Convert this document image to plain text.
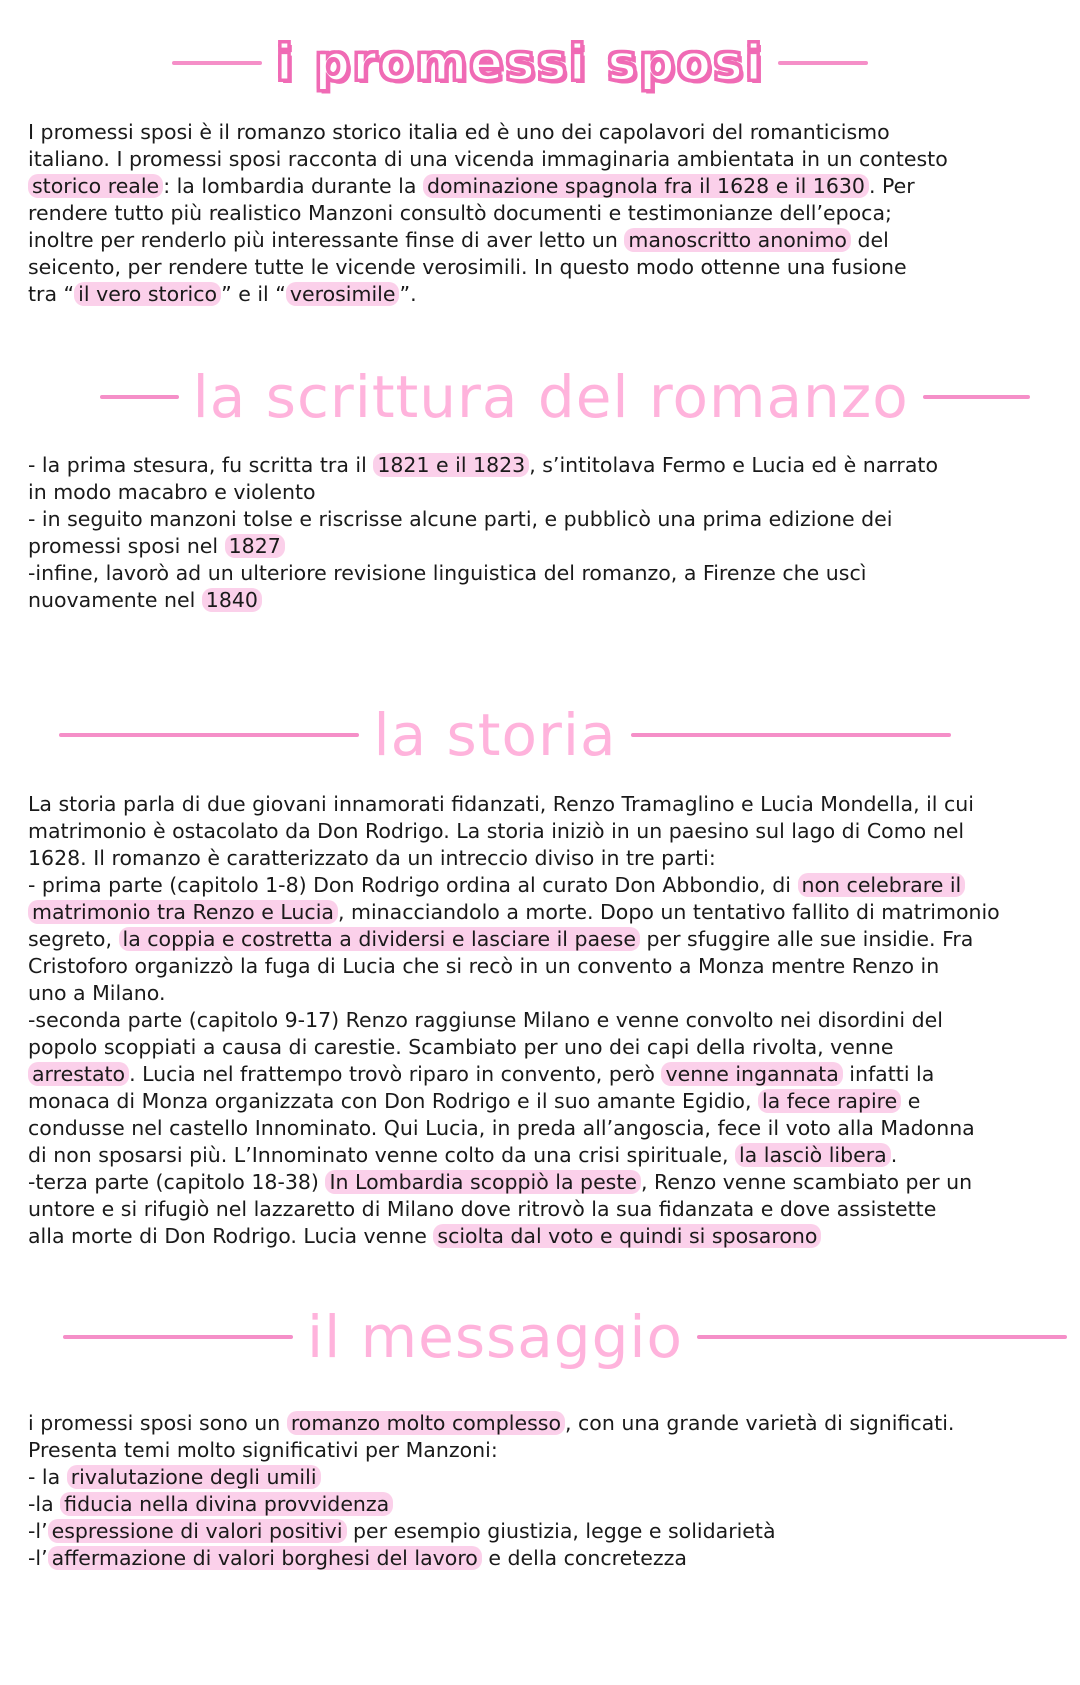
i promessi sposi
I promessi sposi è il romanzo storico italia ed è uno dei capolavori del romanticismo
italiano. I promessi sposi racconta di una vicenda immaginaria ambientata in un contesto
storico reale : la lombardia durante la dominazione spagnola fra il 1628 e il 1630 . Per
rendere tutto più realistico Manzoni consultò documenti e testimonianze dell’epoca;
inoltre per renderlo più interessante finse di aver letto un manoscritto anonimo del
seicento, per rendere tutte le vicende verosimili. In questo modo ottenne una fusione
tra “ il vero storico ” e il “ verosimile ”.
la scrittura del romanzo
- la prima stesura, fu scritta tra il 1821 e il 1823 , s’intitolava Fermo e Lucia ed è narrato
in modo macabro e violento
- in seguito manzoni tolse e riscrisse alcune parti, e pubblicò una prima edizione dei
promessi sposi nel 1827
-infine, lavorò ad un ulteriore revisione linguistica del romanzo, a Firenze che uscì
nuovamente nel 1840
la storia
La storia parla di due giovani innamorati fidanzati, Renzo Tramaglino e Lucia Mondella, il cui
matrimonio è ostacolato da Don Rodrigo. La storia iniziò in un paesino sul lago di Como nel
1628. Il romanzo è caratterizzato da un intreccio diviso in tre parti:
- prima parte (capitolo 1-8) Don Rodrigo ordina al curato Don Abbondio, di non celebrare il
matrimonio tra Renzo e Lucia , minacciandolo a morte. Dopo un tentativo fallito di matrimonio
segreto, la coppia e costretta a dividersi e lasciare il paese per sfuggire alle sue insidie. Fra
Cristoforo organizzò la fuga di Lucia che si recò in un convento a Monza mentre Renzo in
uno a Milano.
-seconda parte (capitolo 9-17) Renzo raggiunse Milano e venne convolto nei disordini del
popolo scoppiati a causa di carestie. Scambiato per uno dei capi della rivolta, venne
arrestato . Lucia nel frattempo trovò riparo in convento, però venne ingannata infatti la
monaca di Monza organizzata con Don Rodrigo e il suo amante Egidio, la fece rapire e
condusse nel castello Innominato. Qui Lucia, in preda all’angoscia, fece il voto alla Madonna
di non sposarsi più. L’Innominato venne colto da una crisi spirituale, la lasciò libera .
-terza parte (capitolo 18-38) In Lombardia scoppiò la peste , Renzo venne scambiato per un
untore e si rifugiò nel lazzaretto di Milano dove ritrovò la sua fidanzata e dove assistette
alla morte di Don Rodrigo. Lucia venne sciolta dal voto e quindi si sposarono
il messaggio
i promessi sposi sono un romanzo molto complesso , con una grande varietà di significati.
Presenta temi molto significativi per Manzoni:
- la rivalutazione degli umili
-la fiducia nella divina provvidenza
-l’ espressione di valori positivi per esempio giustizia, legge e solidarietà
-l’ affermazione di valori borghesi del lavoro e della concretezza
